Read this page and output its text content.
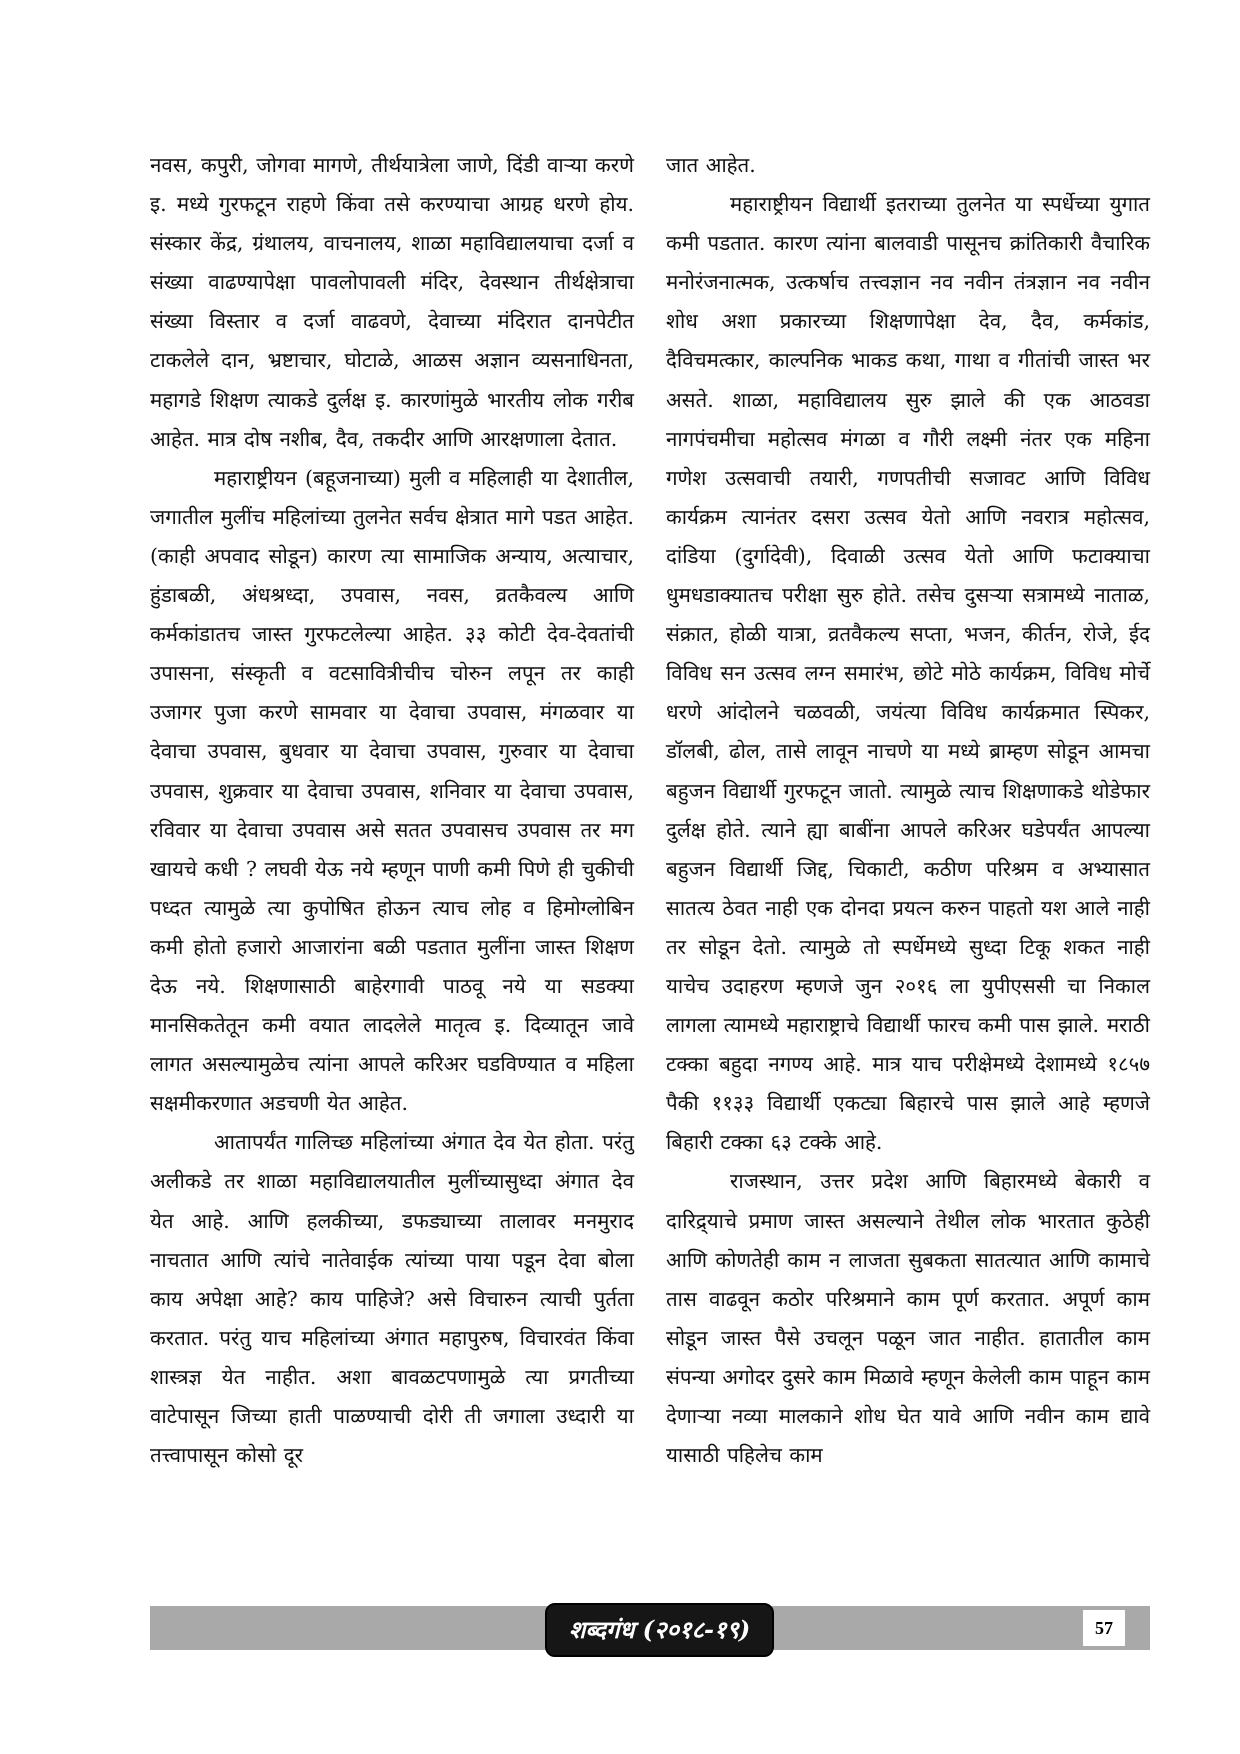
नवस, कपुरी, जोगवा मागणे, तीर्थयात्रेला जाणे, दिंडी वाऱ्या करणे इ. मध्ये गुरफटून राहणे किंवा तसे करण्याचा आग्रह धरणे होय. संस्कार केंद्र, ग्रंथालय, वाचनालय, शाळा महाविद्यालयाचा दर्जा व संख्या वाढण्यापेक्षा पावलोपावली मंदिर, देवस्थान तीर्थक्षेत्राचा संख्या विस्तार व दर्जा वाढवणे, देवाच्या मंदिरात दानपेटीत टाकलेले दान, भ्रष्टाचार, घोटाळे, आळस अज्ञान व्यसनाधिनता, महागडे शिक्षण त्याकडे दुर्लक्ष इ. कारणांमुळे भारतीय लोक गरीब आहेत. मात्र दोष नशीब, दैव, तकदीर आणि आरक्षणाला देतात.

महाराष्ट्रीयन (बहूजनाच्या) मुली व महिलाही या देशातील, जगातील मुलींच महिलांच्या तुलनेत सर्वच क्षेत्रात मागे पडत आहेत. (काही अपवाद सोडून) कारण त्या सामाजिक अन्याय, अत्याचार, हुंडाबळी, अंधश्रध्दा, उपवास, नवस, व्रतकैवल्य आणि कर्मकांडातच जास्त गुरफटलेल्या आहेत. ३३ कोटी देव-देवतांची उपासना, संस्कृती व वटसावित्रीचीच चोरुन लपून तर काही उजागर पुजा करणे सामवार या देवाचा उपवास, मंगळवार या देवाचा उपवास, बुधवार या देवाचा उपवास, गुरुवार या देवाचा उपवास, शुक्रवार या देवाचा उपवास, शनिवार या देवाचा उपवास, रविवार या देवाचा उपवास असे सतत उपवासच उपवास तर मग खायचे कधी ? लघवी येऊ नये म्हणून पाणी कमी पिणे ही चुकीची पध्दत त्यामुळे त्या कुपोषित होऊन त्याच लोह व हिमोग्लोबिन कमी होतो हजारो आजारांना बळी पडतात मुलींना जास्त शिक्षण देऊ नये. शिक्षणासाठी बाहेरगावी पाठवू नये या सडक्या मानसिकतेतून कमी वयात लादलेले मातृत्व इ. दिव्यातून जावे लागत असल्यामुळेच त्यांना आपले करिअर घडविण्यात व महिला सक्षमीकरणात अडचणी येत आहेत.

आतापर्यंत गालिच्छ महिलांच्या अंगात देव येत होता. परंतु अलीकडे तर शाळा महाविद्यालयातील मुलींच्यासुध्दा अंगात देव येत आहे. आणि हलकीच्या, डफड्याच्या तालावर मनमुराद नाचतात आणि त्यांचे नातेवाईक त्यांच्या पाया पडून देवा बोला काय अपेक्षा आहे? काय पाहिजे? असे विचारुन त्याची पुर्तता करतात. परंतु याच महिलांच्या अंगात महापुरुष, विचारवंत किंवा शास्त्रज्ञ येत नाहीत. अशा बावळटपणामुळे त्या प्रगतीच्या वाटेपासून जिच्या हाती पाळण्याची दोरी ती जगाला उध्दारी या तत्त्वापासून कोसो दूर

जात आहेत.

महाराष्ट्रीयन विद्यार्थी इतराच्या तुलनेत या स्पर्धेच्या युगात कमी पडतात. कारण त्यांना बालवाडी पासूनच क्रांतिकारी वैचारिक मनोरंजनात्मक, उत्कर्षाच तत्त्वज्ञान नव नवीन तंत्रज्ञान नव नवीन शोध अशा प्रकारच्या शिक्षणापेक्षा देव, दैव, कर्मकांड, दैविचमत्कार, काल्पनिक भाकड कथा, गाथा व गीतांची जास्त भर असते. शाळा, महाविद्यालय सुरु झाले की एक आठवडा नागपंचमीचा महोत्सव मंगळा व गौरी लक्ष्मी नंतर एक महिना गणेश उत्सवाची तयारी, गणपतीची सजावट आणि विविध कार्यक्रम त्यानंतर दसरा उत्सव येतो आणि नवरात्र महोत्सव, दांडिया (दुर्गादेवी), दिवाळी उत्सव येतो आणि फटाक्याचा धुमधडाक्यातच परीक्षा सुरु होते. तसेच दुसऱ्या सत्रामध्ये नाताळ, संक्रात, होळी यात्रा, व्रतवैकल्य सप्ता, भजन, कीर्तन, रोजे, ईद विविध सन उत्सव लग्न समारंभ, छोटे मोठे कार्यक्रम, विविध मोर्चे धरणे आंदोलने चळवळी, जयंत्या विविध कार्यक्रमात स्पिकर, डॉलबी, ढोल, तासे लावून नाचणे या मध्ये ब्राम्हण सोडून आमचा बहुजन विद्यार्थी गुरफटून जातो. त्यामुळे त्याच शिक्षणाकडे थोडेफार दुर्लक्ष होते. त्याने ह्या बाबींना आपले करिअर घडेपर्यंत आपल्या बहुजन विद्यार्थी जिद्द, चिकाटी, कठीण परिश्रम व अभ्यासात सातत्य ठेवत नाही एक दोनदा प्रयत्न करुन पाहतो यश आले नाही तर सोडून देतो. त्यामुळे तो स्पर्धेमध्ये सुध्दा टिकू शकत नाही याचेच उदाहरण म्हणजे जुन २०१६ ला युपीएससी चा निकाल लागला त्यामध्ये महाराष्ट्राचे विद्यार्थी फारच कमी पास झाले. मराठी टक्का बहुदा नगण्य आहे. मात्र याच परीक्षेमध्ये देशामध्ये १८५७ पैकी ११३३ विद्यार्थी एकट्या बिहारचे पास झाले आहे म्हणजे बिहारी टक्का ६३ टक्के आहे.

राजस्थान, उत्तर प्रदेश आणि बिहारमध्ये बेकारी व दारिद्र्याचे प्रमाण जास्त असल्याने तेथील लोक भारतात कुठेही आणि कोणतेही काम न लाजता सुबकता सातत्यात आणि कामाचे तास वाढवून कठोर परिश्रमाने काम पूर्ण करतात. अपूर्ण काम सोडून जास्त पैसे उचलून पळून जात नाहीत. हातातील काम संपन्या अगोदर दुसरे काम मिळावे म्हणून केलेली काम पाहून काम देणाऱ्या नव्या मालकाने शोध घेत यावे आणि नवीन काम द्यावे यासाठी पहिलेच काम

शब्दगंध (२०१८-१९)	57
